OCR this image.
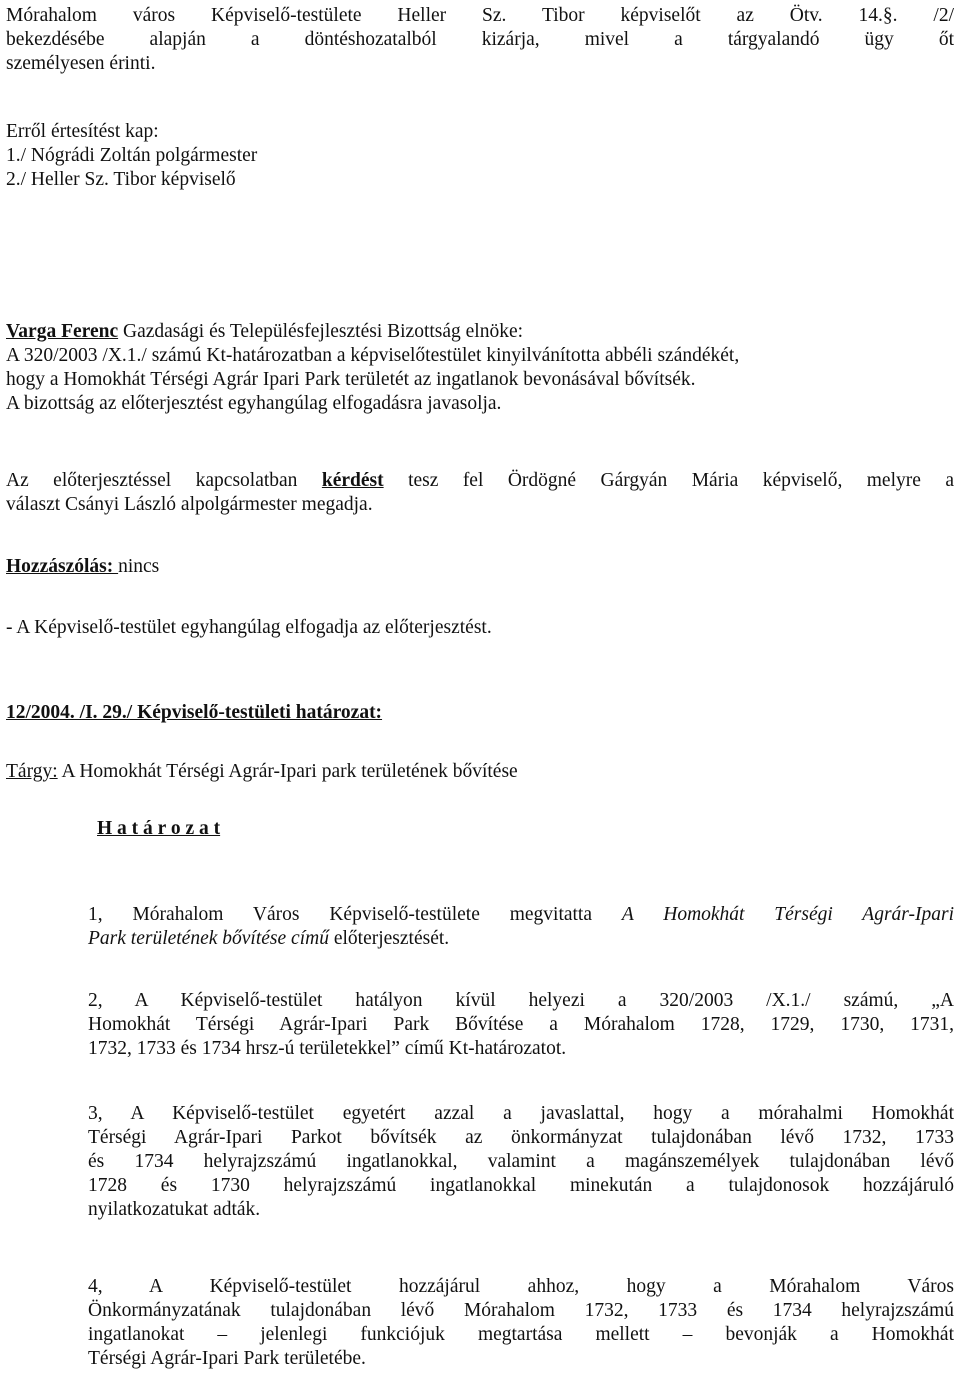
Mórahalom város Képviselő-testülete Heller Sz. Tibor képviselőt az Ötv. 14.§. /2/
bekezdésébe alapján a döntéshozatalból kizárja, mivel a tárgyalandó ügy őt
személyesen érinti.
Erről értesítést kap:
1./ Nógrádi Zoltán polgármester
2./ Heller Sz. Tibor képviselő
Varga Ferenc Gazdasági és Településfejlesztési Bizottság elnöke:
A 320/2003 /X.1./ számú Kt-határozatban a képviselőtestület kinyilvánította abbéli szándékét,
hogy a Homokhát Térségi Agrár Ipari Park területét az ingatlanok bevonásával bővítsék.
A bizottság az előterjesztést egyhangúlag elfogadásra javasolja.
Az előterjesztéssel kapcsolatban kérdést tesz fel Ördögné Gárgyán Mária képviselő, melyre a
választ Csányi László alpolgármester megadja.
Hozzászólás: nincs
- A Képviselő-testület egyhangúlag elfogadja az előterjesztést.
12/2004. /I. 29./ Képviselő-testületi határozat:
Tárgy: A Homokhát Térségi Agrár-Ipari park területének bővítése
H a t á r o z a t
1, Mórahalom Város Képviselő-testülete megvitatta A Homokhát Térségi Agrár-Ipari
Park területének bővítése című előterjesztését.
2, A Képviselő-testület hatályon kívül helyezi a 320/2003 /X.1./ számú, „A
Homokhát Térségi Agrár-Ipari Park Bővítése a Mórahalom 1728, 1729, 1730, 1731,
1732, 1733 és 1734 hrsz-ú területekkel” című Kt-határozatot.
3, A Képviselő-testület egyetért azzal a javaslattal, hogy a mórahalmi Homokhát
Térségi Agrár-Ipari Parkot bővítsék az önkormányzat tulajdonában lévő 1732, 1733
és 1734 helyrajzszámú ingatlanokkal, valamint a magánszemélyek tulajdonában lévő
1728 és 1730 helyrajzszámú ingatlanokkal minekután a tulajdonosok hozzájáruló
nyilatkozatukat adták.
4, A Képviselő-testület hozzájárul ahhoz, hogy a Mórahalom Város
Önkormányzatának tulajdonában lévő Mórahalom 1732, 1733 és 1734 helyrajzszámú
ingatlanokat – jelenlegi funkciójuk megtartása mellett – bevonják a Homokhát
Térségi Agrár-Ipari Park területébe.
